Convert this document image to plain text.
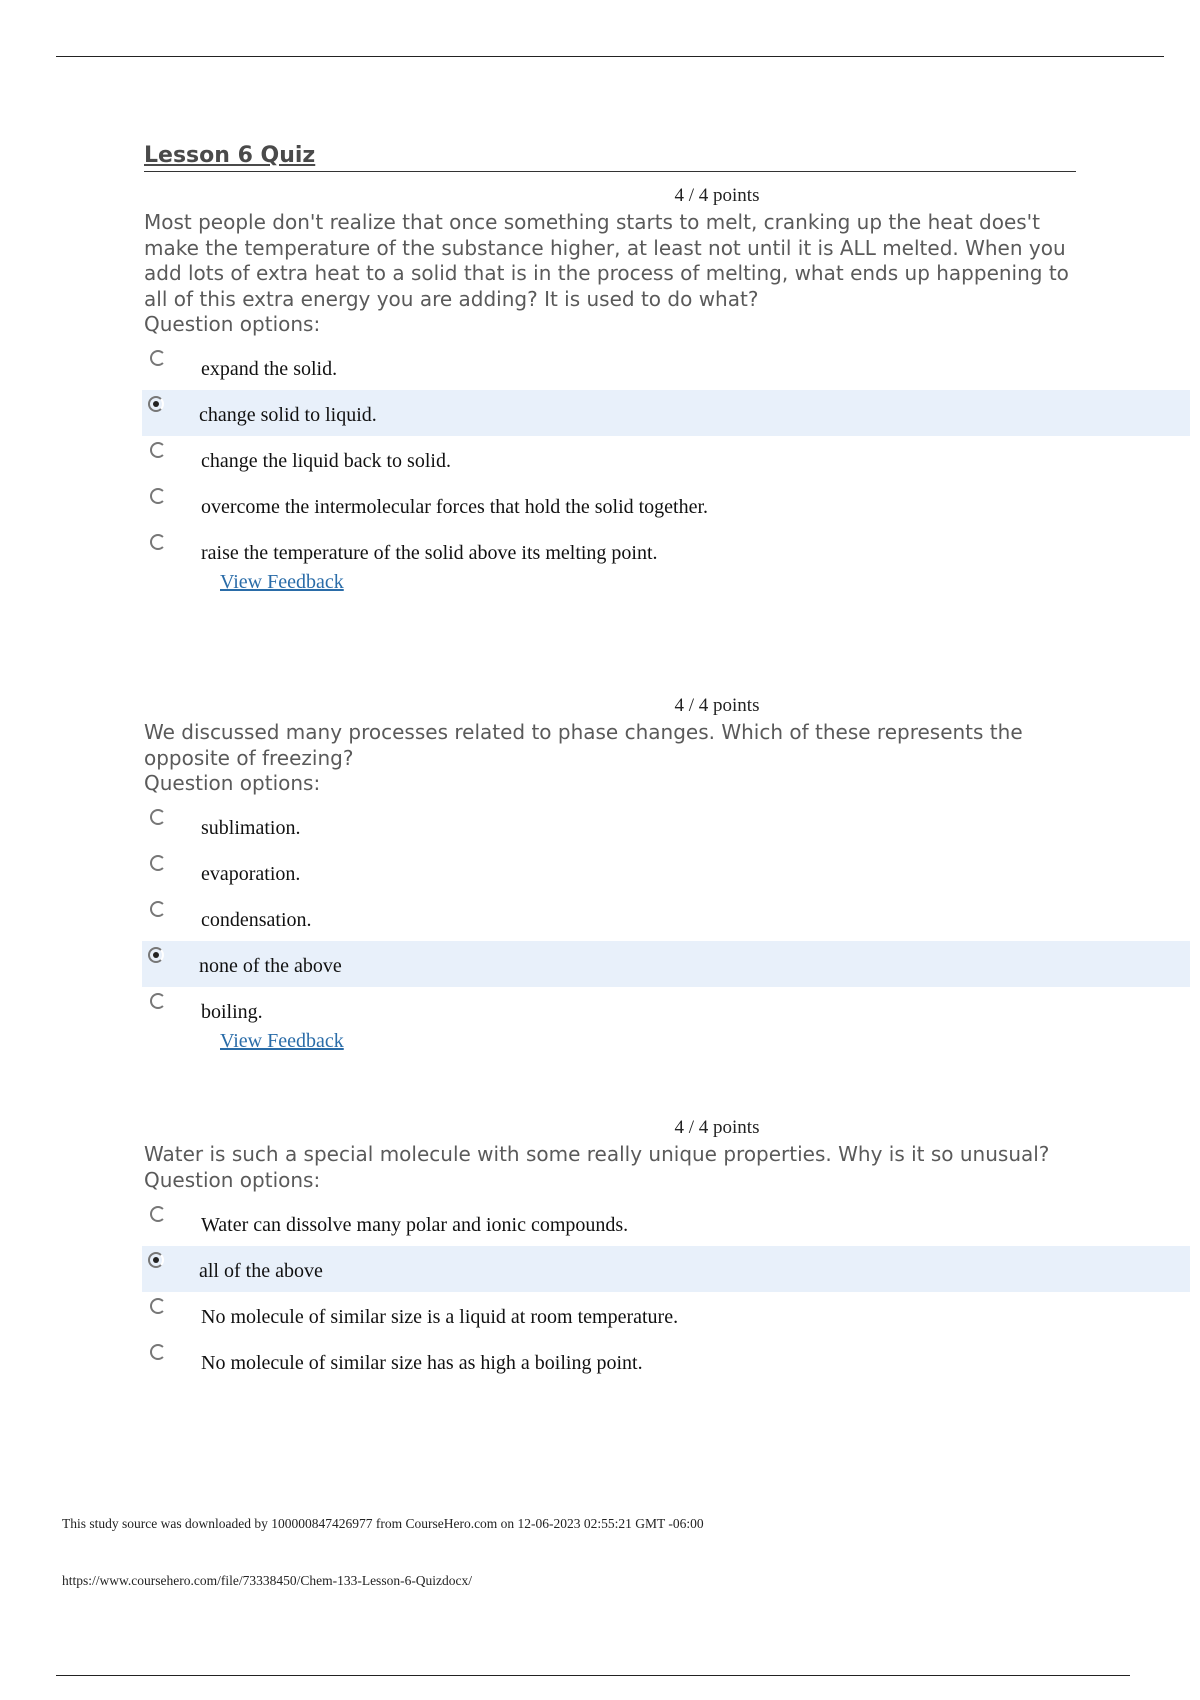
Lesson 6 Quiz
4 / 4 points
Most people don't realize that once something starts to melt, cranking up the heat does't make the temperature of the substance higher, at least not until it is ALL melted. When you add lots of extra heat to a solid that is in the process of melting, what ends up happening to all of this extra energy you are adding? It is used to do what?
Question options:
expand the solid.
change solid to liquid.
change the liquid back to solid.
overcome the intermolecular forces that hold the solid together.
raise the temperature of the solid above its melting point.
View Feedback
4 / 4 points
We discussed many processes related to phase changes. Which of these represents the opposite of freezing?
Question options:
sublimation.
evaporation.
condensation.
none of the above
boiling.
View Feedback
4 / 4 points
Water is such a special molecule with some really unique properties. Why is it so unusual?
Question options:
Water can dissolve many polar and ionic compounds.
all of the above
No molecule of similar size is a liquid at room temperature.
No molecule of similar size has as high a boiling point.
This study source was downloaded by 100000847426977 from CourseHero.com on 12-06-2023 02:55:21 GMT -06:00
https://www.coursehero.com/file/73338450/Chem-133-Lesson-6-Quizdocx/
